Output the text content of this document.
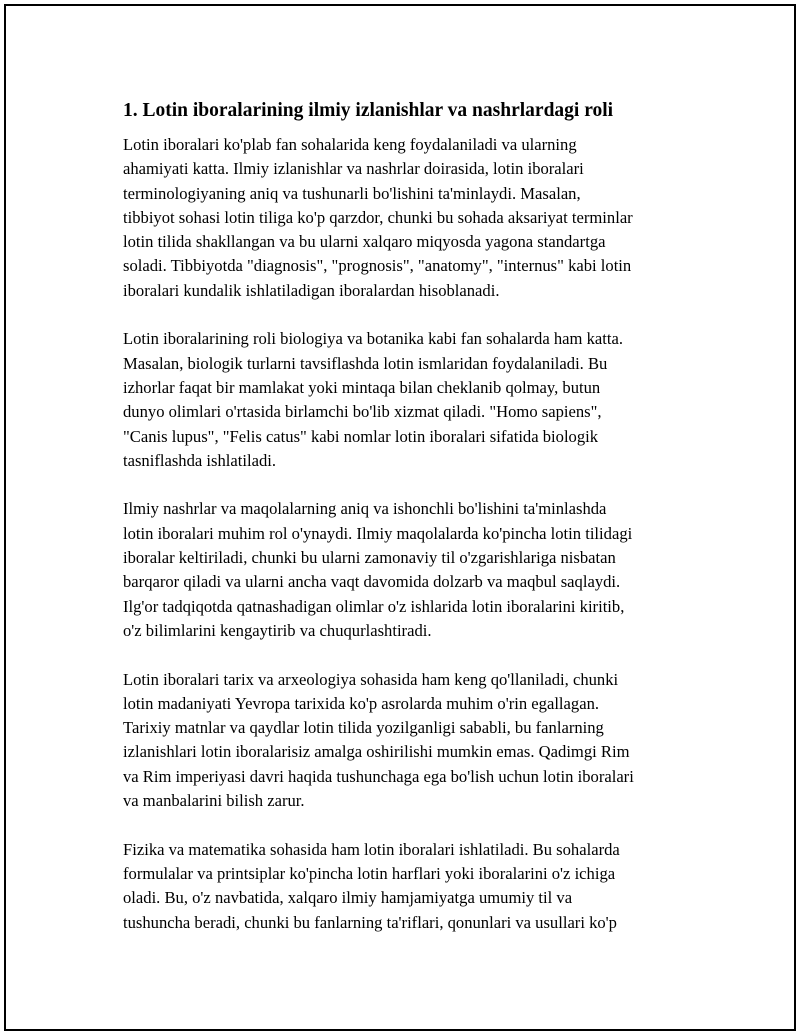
1. Lotin iboralarining ilmiy izlanishlar va nashrlardagi roli

Lotin iboralari ko'plab fan sohalarida keng foydalaniladi va ularning
ahamiyati katta. Ilmiy izlanishlar va nashrlar doirasida, lotin iboralari
terminologiyaning aniq va tushunarli bo'lishini ta'minlaydi. Masalan,
tibbiyot sohasi lotin tiliga ko'p qarzdor, chunki bu sohada aksariyat terminlar
lotin tilida shakllangan va bu ularni xalqaro miqyosda yagona standartga
soladi. Tibbiyotda "diagnosis", "prognosis", "anatomy", "internus" kabi lotin
iboralari kundalik ishlatiladigan iboralardan hisoblanadi.

Lotin iboralarining roli biologiya va botanika kabi fan sohalarda ham katta.
Masalan, biologik turlarni tavsiflashda lotin ismlaridan foydalaniladi. Bu
izhorlar faqat bir mamlakat yoki mintaqa bilan cheklanib qolmay, butun
dunyo olimlari o'rtasida birlamchi bo'lib xizmat qiladi. "Homo sapiens",
"Canis lupus", "Felis catus" kabi nomlar lotin iboralari sifatida biologik
tasniflashda ishlatiladi.

Ilmiy nashrlar va maqolalarning aniq va ishonchli bo'lishini ta'minlashda
lotin iboralari muhim rol o'ynaydi. Ilmiy maqolalarda ko'pincha lotin tilidagi
iboralar keltiriladi, chunki bu ularni zamonaviy til o'zgarishlariga nisbatan
barqaror qiladi va ularni ancha vaqt davomida dolzarb va maqbul saqlaydi.
Ilg'or tadqiqotda qatnashadigan olimlar o'z ishlarida lotin iboralarini kiritib,
o'z bilimlarini kengaytirib va chuqurlashtiradi.

Lotin iboralari tarix va arxeologiya sohasida ham keng qo'llaniladi, chunki
lotin madaniyati Yevropa tarixida ko'p asrolarda muhim o'rin egallagan.
Tarixiy matnlar va qaydlar lotin tilida yozilganligi sababli, bu fanlarning
izlanishlari lotin iboralarisiz amalga oshirilishi mumkin emas. Qadimgi Rim
va Rim imperiyasi davri haqida tushunchaga ega bo'lish uchun lotin iboralari
va manbalarini bilish zarur.

Fizika va matematika sohasida ham lotin iboralari ishlatiladi. Bu sohalarda
formulalar va printsiplar ko'pincha lotin harflari yoki iboralarini o'z ichiga
oladi. Bu, o'z navbatida, xalqaro ilmiy hamjamiyatga umumiy til va
tushuncha beradi, chunki bu fanlarning ta'riflari, qonunlari va usullari ko'p
